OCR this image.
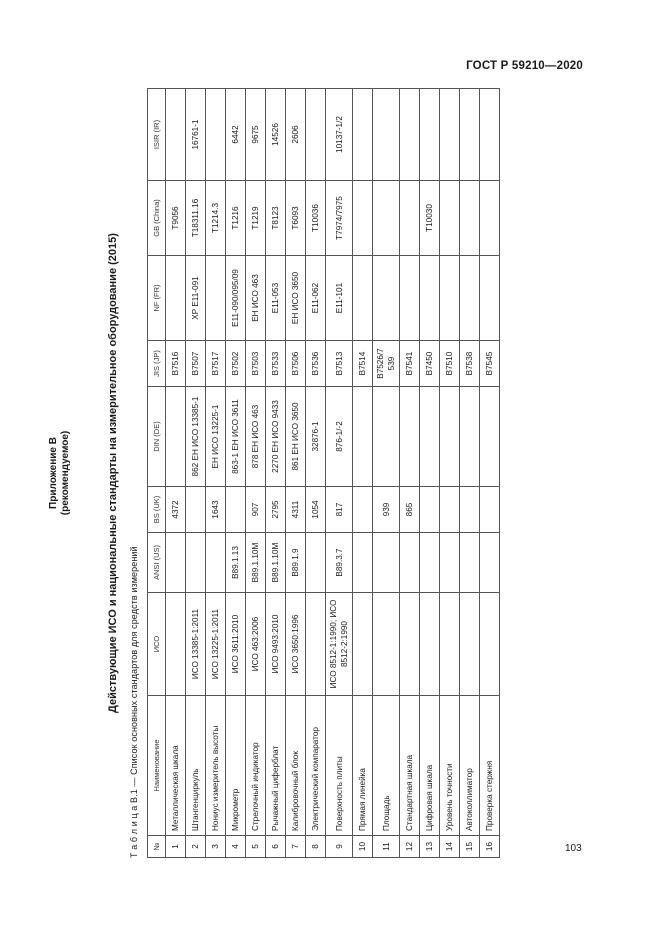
ГОСТ Р 59210—2020
Приложение В (рекомендуемое)	Действующие ИСО и национальные стандарты на измерительное оборудование (2015) Т а б л и ц а В.1 — Список основных стандартов для средств измерений №	Наименование	ИСО	ANSI (US)	BS (UK)	DIN (DE)	JIS (JP)	NF (FR)	GB (China)	ISIR (IR)
1	Металлическая шкала			4372		B7516		T9056	
2	Штангенциркуль	ИСО 13385-1:2011			862 ЕН ИСО 13385-1	B7507	XP E11-091	T18311.16	16761-1
3	Нониус измеритель высоты	ИСО 13225-1:2011		1643	ЕН ИСО 13225-1	B7517		T1214.3	
4	Микрометр	ИСО 3611:2010	B89.1.13		863-1 ЕН ИСО 3611	B7502	E11-090/095/09	T1216	6442
5	Стрелочный индикатор	ИСО 463:2006	B89.1.10M	907	878 ЕН ИСО 463	B7503	ЕН ИСО 463	T1219	9675
6	Рычажный циферблат	ИСО 9493:2010	B89.1.10M	2795	2270 ЕН ИСО 9433	B7533	E11-053	T8123	14526
7	Калибровочный блок	ИСО 3650:1996	B89.1.9	4311	861 ЕН ИСО 3650	B7506	ЕН ИСО 3650	T6093	2606
8	Электрический компаратор			1054	32876-1	B7536	E11-062	T10036	
9	Поверхность плиты	ИСО 8512-1:1990; ИСО 8512-2:1990	B89.3.7	817	876-1/-2	B7513	E11-101	T7974/7975	10137-1/2
10	Прямая линейка					B7514			
11	Площадь			939		B7526/7 539			
12	Стандартная шкала			865		B7541			
13	Цифровая шкала					B7450		T10030	
14	Уровень точности					B7510			
15	Автоколлиматор					B7538			
16	Проверка стержня					B7545			
103
